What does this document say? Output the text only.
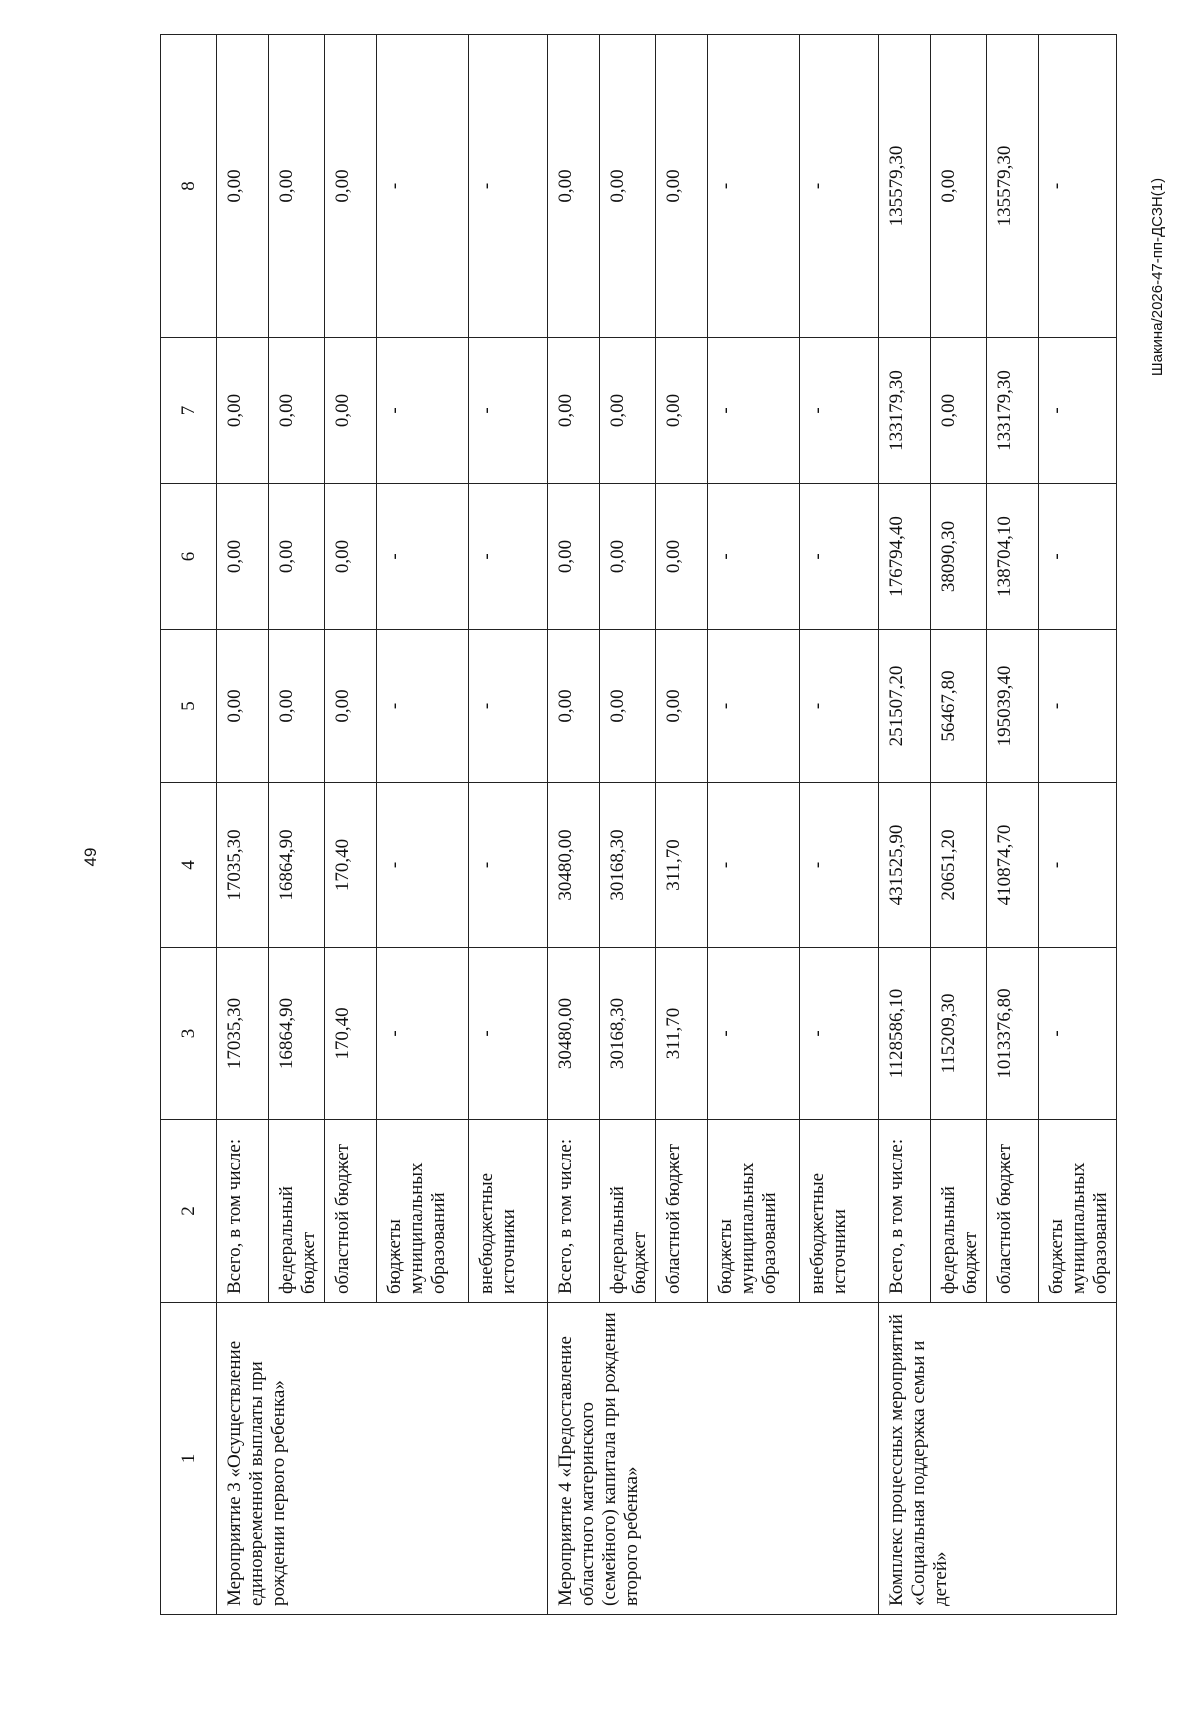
49
Шакина/2026-47-пп-ДСЗН(1)
1	2	3	4	5	6	7	8
Мероприятие 3 «Осуществление единовременной выплаты при рождении первого ребенка»	Всего, в том числе:	17035,30	17035,30	0,00	0,00	0,00	0,00
	федеральный бюджет	16864,90	16864,90	0,00	0,00	0,00	0,00
	областной бюджет	170,40	170,40	0,00	0,00	0,00	0,00
	бюджеты муниципальных образований	-	-	-	-	-	-
	внебюджетные источники	-	-	-	-	-	-
Мероприятие 4 «Предоставление областного материнского (семейного) капитала при рождении второго ребенка»	Всего, в том числе:	30480,00	30480,00	0,00	0,00	0,00	0,00
	федеральный бюджет	30168,30	30168,30	0,00	0,00	0,00	0,00
	областной бюджет	311,70	311,70	0,00	0,00	0,00	0,00
	бюджеты муниципальных образований	-	-	-	-	-	-
	внебюджетные источники	-	-	-	-	-	-
Комплекс процессных мероприятий «Социальная поддержка семьи и детей»	Всего, в том числе:	1128586,10	431525,90	251507,20	176794,40	133179,30	135579,30
	федеральный бюджет	115209,30	20651,20	56467,80	38090,30	0,00	0,00
	областной бюджет	1013376,80	410874,70	195039,40	138704,10	133179,30	135579,30
	бюджеты муниципальных образований	-	-	-	-	-	-
